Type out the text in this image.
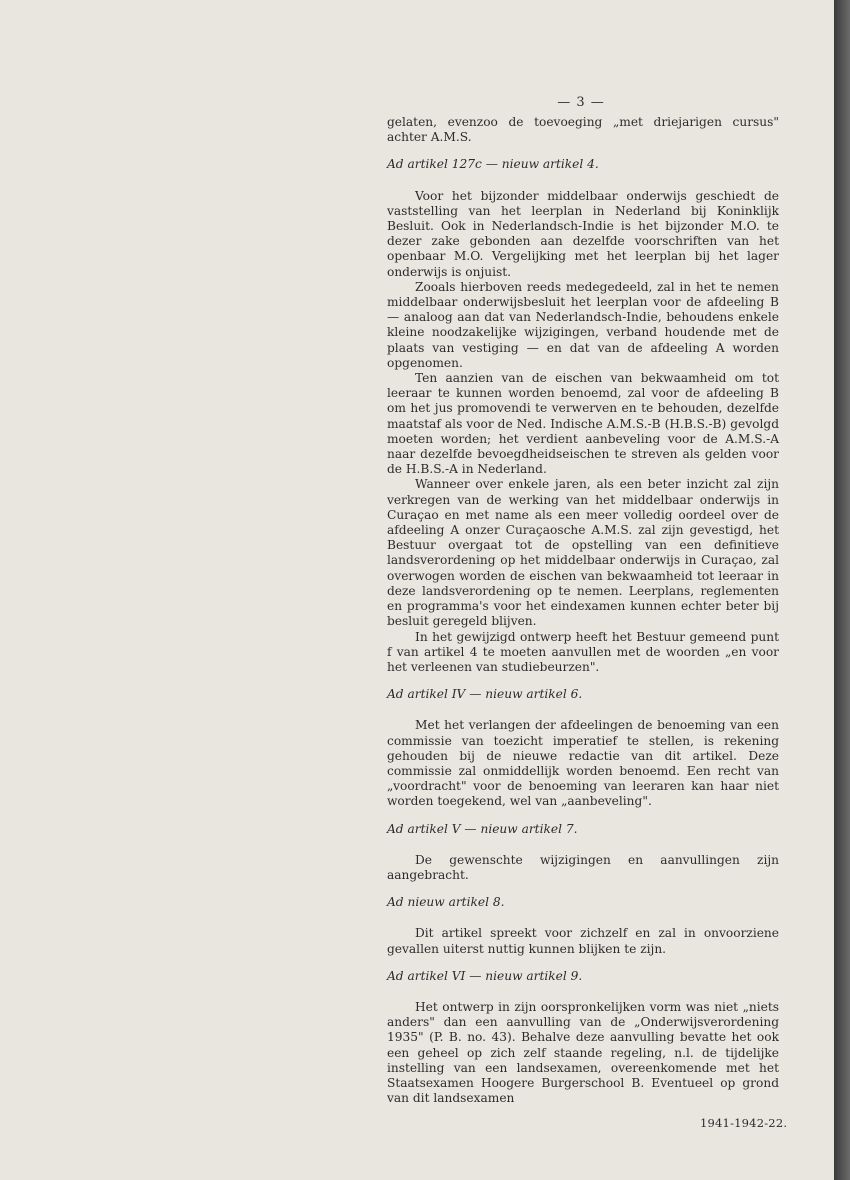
— 3 —

gelaten, evenzoo de toevoeging „met driejarigen cursus" achter A.M.S.

Ad artikel 127c — nieuw artikel 4.

Voor het bijzonder middelbaar onderwijs geschiedt de vaststelling van het leerplan in Nederland bij Koninklijk Besluit. Ook in Nederlandsch-Indie is het bijzonder M.O. te dezer zake gebonden aan dezelfde voorschriften van het openbaar M.O. Vergelijking met het leerplan bij het lager onderwijs is onjuist.

Zooals hierboven reeds medegedeeld, zal in het te nemen middelbaar onderwijsbesluit het leerplan voor de afdeeling B — analoog aan dat van Nederlandsch-Indie, behoudens enkele kleine noodzakelijke wijzigingen, verband houdende met de plaats van vestiging — en dat van de afdeeling A worden opgenomen.

Ten aanzien van de eischen van bekwaamheid om tot leeraar te kunnen worden benoemd, zal voor de afdeeling B om het jus promovendi te verwerven en te behouden, dezelfde maatstaf als voor de Ned. Indische A.M.S.-B (H.B.S.-B) gevolgd moeten worden; het verdient aanbeveling voor de A.M.S.-A naar dezelfde bevoegdheidseischen te streven als gelden voor de H.B.S.-A in Nederland.

Wanneer over enkele jaren, als een beter inzicht zal zijn verkregen van de werking van het middelbaar onderwijs in Curaçao en met name als een meer volledig oordeel over de afdeeling A onzer Curaçaosche A.M.S. zal zijn gevestigd, het Bestuur overgaat tot de opstelling van een definitieve landsverordening op het middelbaar onderwijs in Curaçao, zal overwogen worden de eischen van bekwaamheid tot leeraar in deze landsverordening op te nemen. Leerplans, reglementen en programma's voor het eindexamen kunnen echter beter bij besluit geregeld blijven.

In het gewijzigd ontwerp heeft het Bestuur gemeend punt f van artikel 4 te moeten aanvullen met de woorden „en voor het verleenen van studiebeurzen".

Ad artikel IV — nieuw artikel 6.

Met het verlangen der afdeelingen de benoeming van een commissie van toezicht imperatief te stellen, is rekening gehouden bij de nieuwe redactie van dit artikel. Deze commissie zal onmiddellijk worden benoemd. Een recht van „voordracht" voor de benoeming van leeraren kan haar niet worden toegekend, wel van „aanbeveling".

Ad artikel V — nieuw artikel 7.

De gewenschte wijzigingen en aanvullingen zijn aangebracht.

Ad nieuw artikel 8.

Dit artikel spreekt voor zichzelf en zal in onvoorziene gevallen uiterst nuttig kunnen blijken te zijn.

Ad artikel VI — nieuw artikel 9.

Het ontwerp in zijn oorspronkelijken vorm was niet „niets anders" dan een aanvulling van de „Onderwijsverordening 1935" (P. B. no. 43). Behalve deze aanvulling bevatte het ook een geheel op zich zelf staande regeling, n.l. de tijdelijke instelling van een landsexamen, overeenkomende met het Staatsexamen Hoogere Burgerschool B. Eventueel op grond van dit landsexamen

1941-1942-22.
